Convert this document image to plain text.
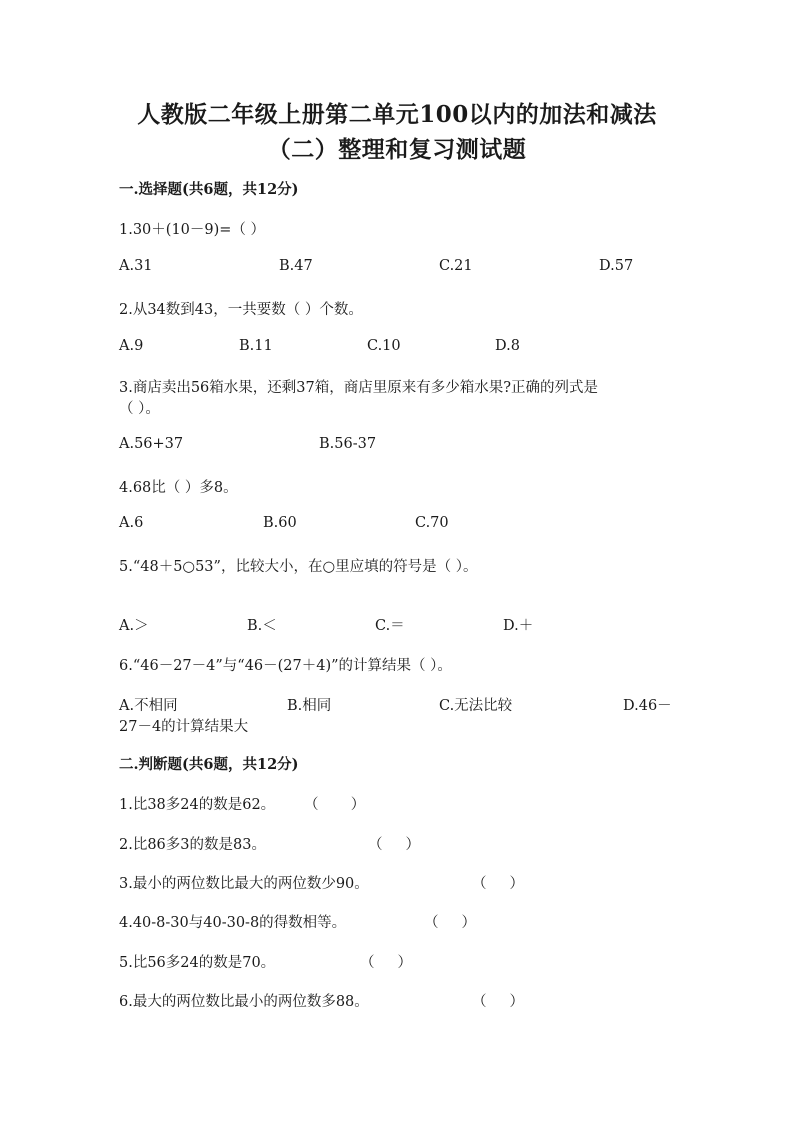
人教版二年级上册第二单元100以内的加法和减法
（二）整理和复习测试题
一.选择题(共6题，共12分)
1.30＋(10－9)=（ ）
A.31	B.47	C.21	D.57
2.从34数到43，一共要数（ ）个数。
A.9	B.11	C.10	D.8
3.商店卖出56箱水果，还剩37箱，商店里原来有多少箱水果?正确的列式是
（ ）。
A.56+37	B.56-37
4.68比（ ）多8。
A.6	B.60	C.70
5.“48＋5○53”，比较大小，在○里应填的符号是（ ）。
A.＞	B.＜	C.＝	D.＋
6.“46－27－4”与“46－(27＋4)”的计算结果（ ）。
A.不相同	B.相同	C.无法比较	D.46－
27－4的计算结果大
二.判断题(共6题，共12分)
1.比38多24的数是62。 （       ）
2.比86多3的数是83。	（     ）
3.最小的两位数比最大的两位数少90。	（     ）
4.40-8-30与40-30-8的得数相等。	（     ）
5.比56多24的数是70。	（     ）
6.最大的两位数比最小的两位数多88。	（     ）
